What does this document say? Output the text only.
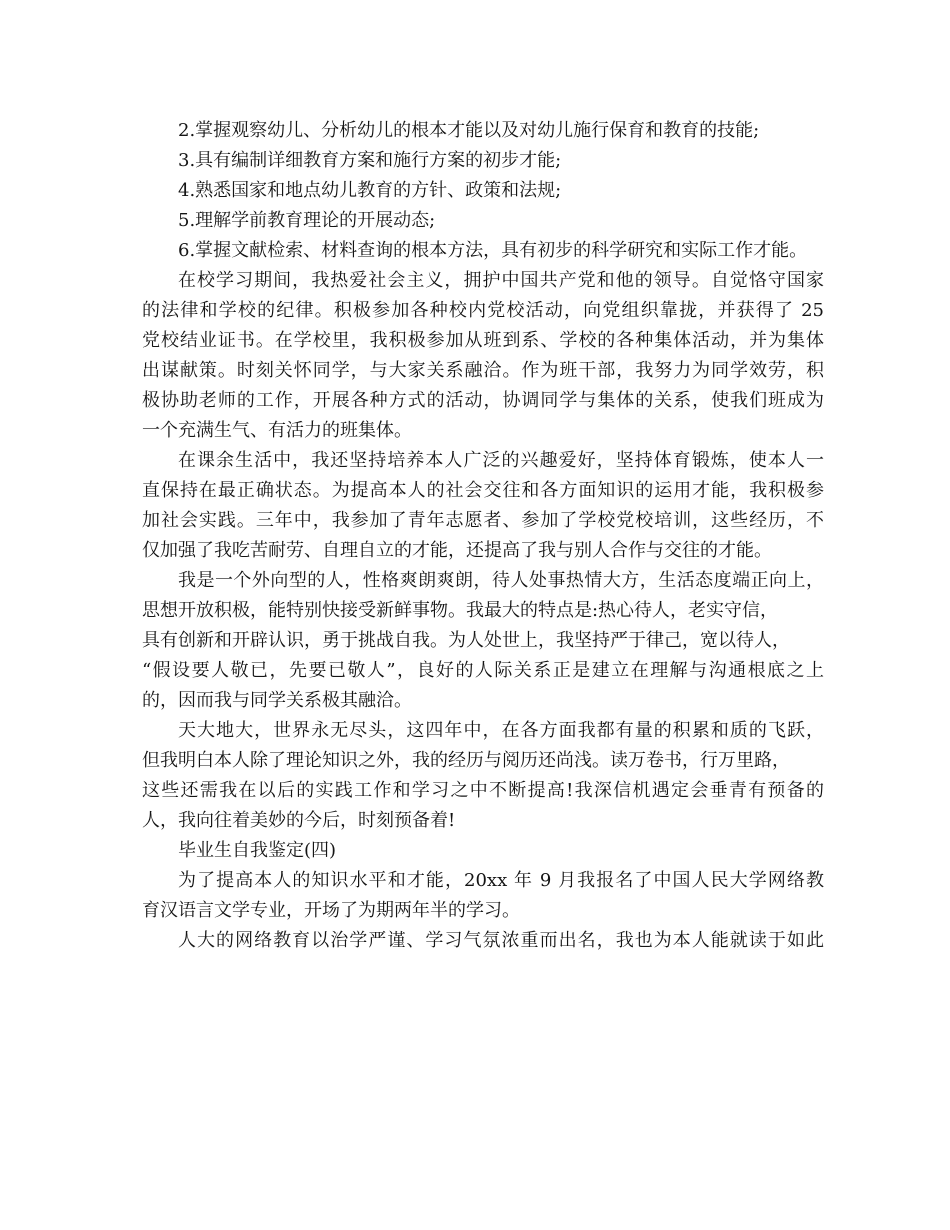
2.掌握观察幼儿、分析幼儿的根本才能以及对幼儿施行保育和教育的技能;
3.具有编制详细教育方案和施行方案的初步才能;
4.熟悉国家和地点幼儿教育的方针、政策和法规;
5.理解学前教育理论的开展动态;
6.掌握文献检索、材料查询的根本方法，具有初步的科学研究和实际工作才能。
在校学习期间，我热爱社会主义，拥护中国共产党和他的领导。自觉恪守国家
的法律和学校的纪律。积极参加各种校内党校活动，向党组织靠拢，并获得了 25
党校结业证书。在学校里，我积极参加从班到系、学校的各种集体活动，并为集体
出谋献策。时刻关怀同学，与大家关系融洽。作为班干部，我努力为同学效劳，积
极协助老师的工作，开展各种方式的活动，协调同学与集体的关系，使我们班成为
一个充满生气、有活力的班集体。
在课余生活中，我还坚持培养本人广泛的兴趣爱好，坚持体育锻炼，使本人一
直保持在最正确状态。为提高本人的社会交往和各方面知识的运用才能，我积极参
加社会实践。三年中，我参加了青年志愿者、参加了学校党校培训，这些经历，不
仅加强了我吃苦耐劳、自理自立的才能，还提高了我与别人合作与交往的才能。
我是一个外向型的人，性格爽朗爽朗，待人处事热情大方，生活态度端正向上，
思想开放积极，能特别快接受新鲜事物。我最大的特点是:热心待人，老实守信，
具有创新和开辟认识，勇于挑战自我。为人处世上，我坚持严于律己，宽以待人，
“假设要人敬已，先要已敬人”，良好的人际关系正是建立在理解与沟通根底之上
的，因而我与同学关系极其融洽。
天大地大，世界永无尽头，这四年中，在各方面我都有量的积累和质的飞跃，
但我明白本人除了理论知识之外，我的经历与阅历还尚浅。读万卷书，行万里路，
这些还需我在以后的实践工作和学习之中不断提高!我深信机遇定会垂青有预备的
人，我向往着美妙的今后，时刻预备着!
毕业生自我鉴定(四)
为了提高本人的知识水平和才能，20xx 年 9 月我报名了中国人民大学网络教
育汉语言文学专业，开场了为期两年半的学习。
人大的网络教育以治学严谨、学习气氛浓重而出名，我也为本人能就读于如此
